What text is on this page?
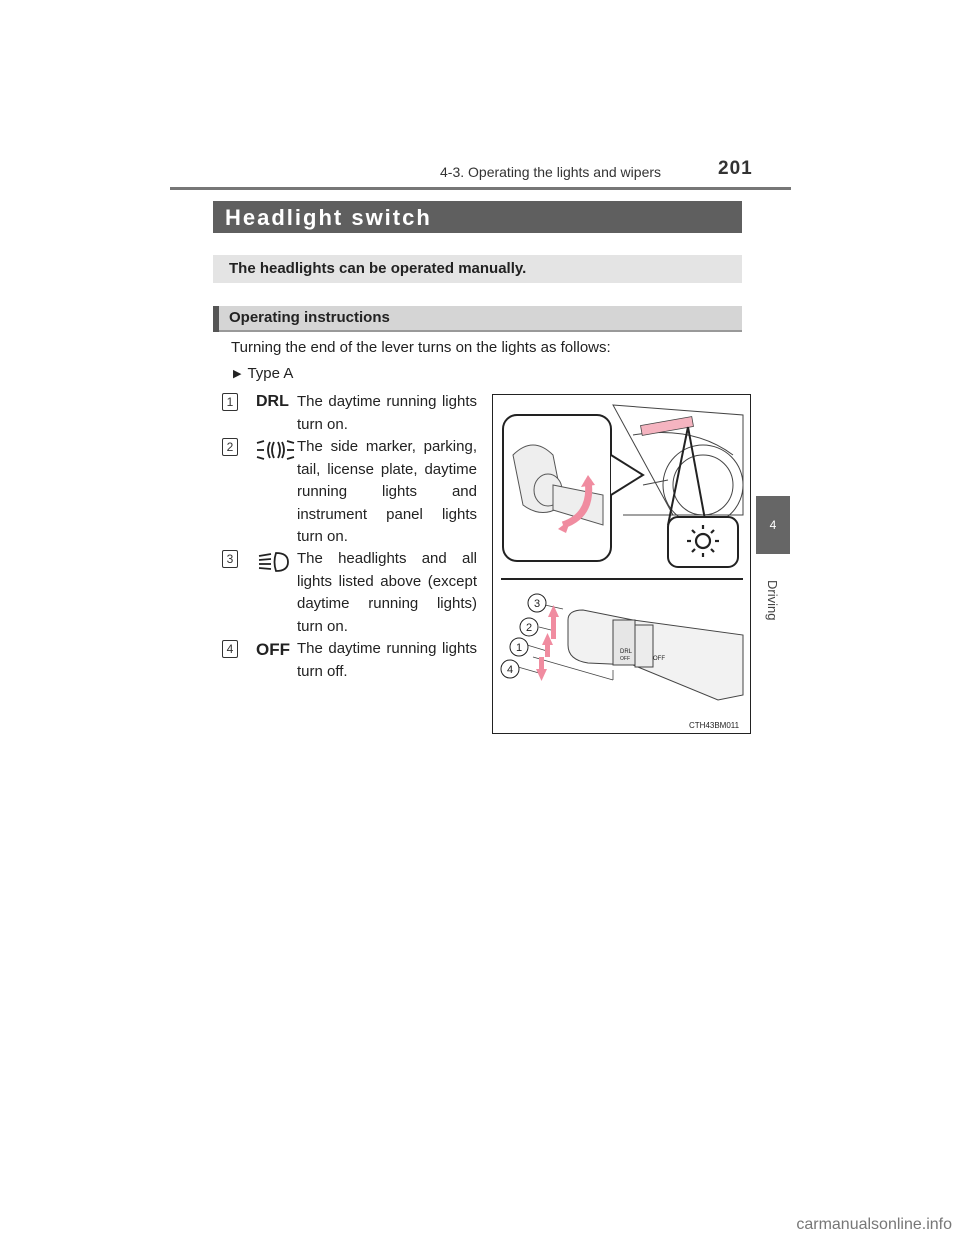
4-3. Operating the lights and wipers	201
4
Driving
Headlight switch
The headlights can be operated manually.
Operating instructions
Turning the end of the lever turns on the lights as follows:
▶ Type A
1 DRL The daytime running lights turn on.
2	The side marker, parking, tail, license plate, daytime running lights and instrument panel lights turn on.
3	The headlights and all lights listed above (except daytime running lights) turn on.
4 OFF The daytime running lights turn off.
DRL
OFF	OFF
3
2
1
4
CTH43BM011
carmanualsonline.info
